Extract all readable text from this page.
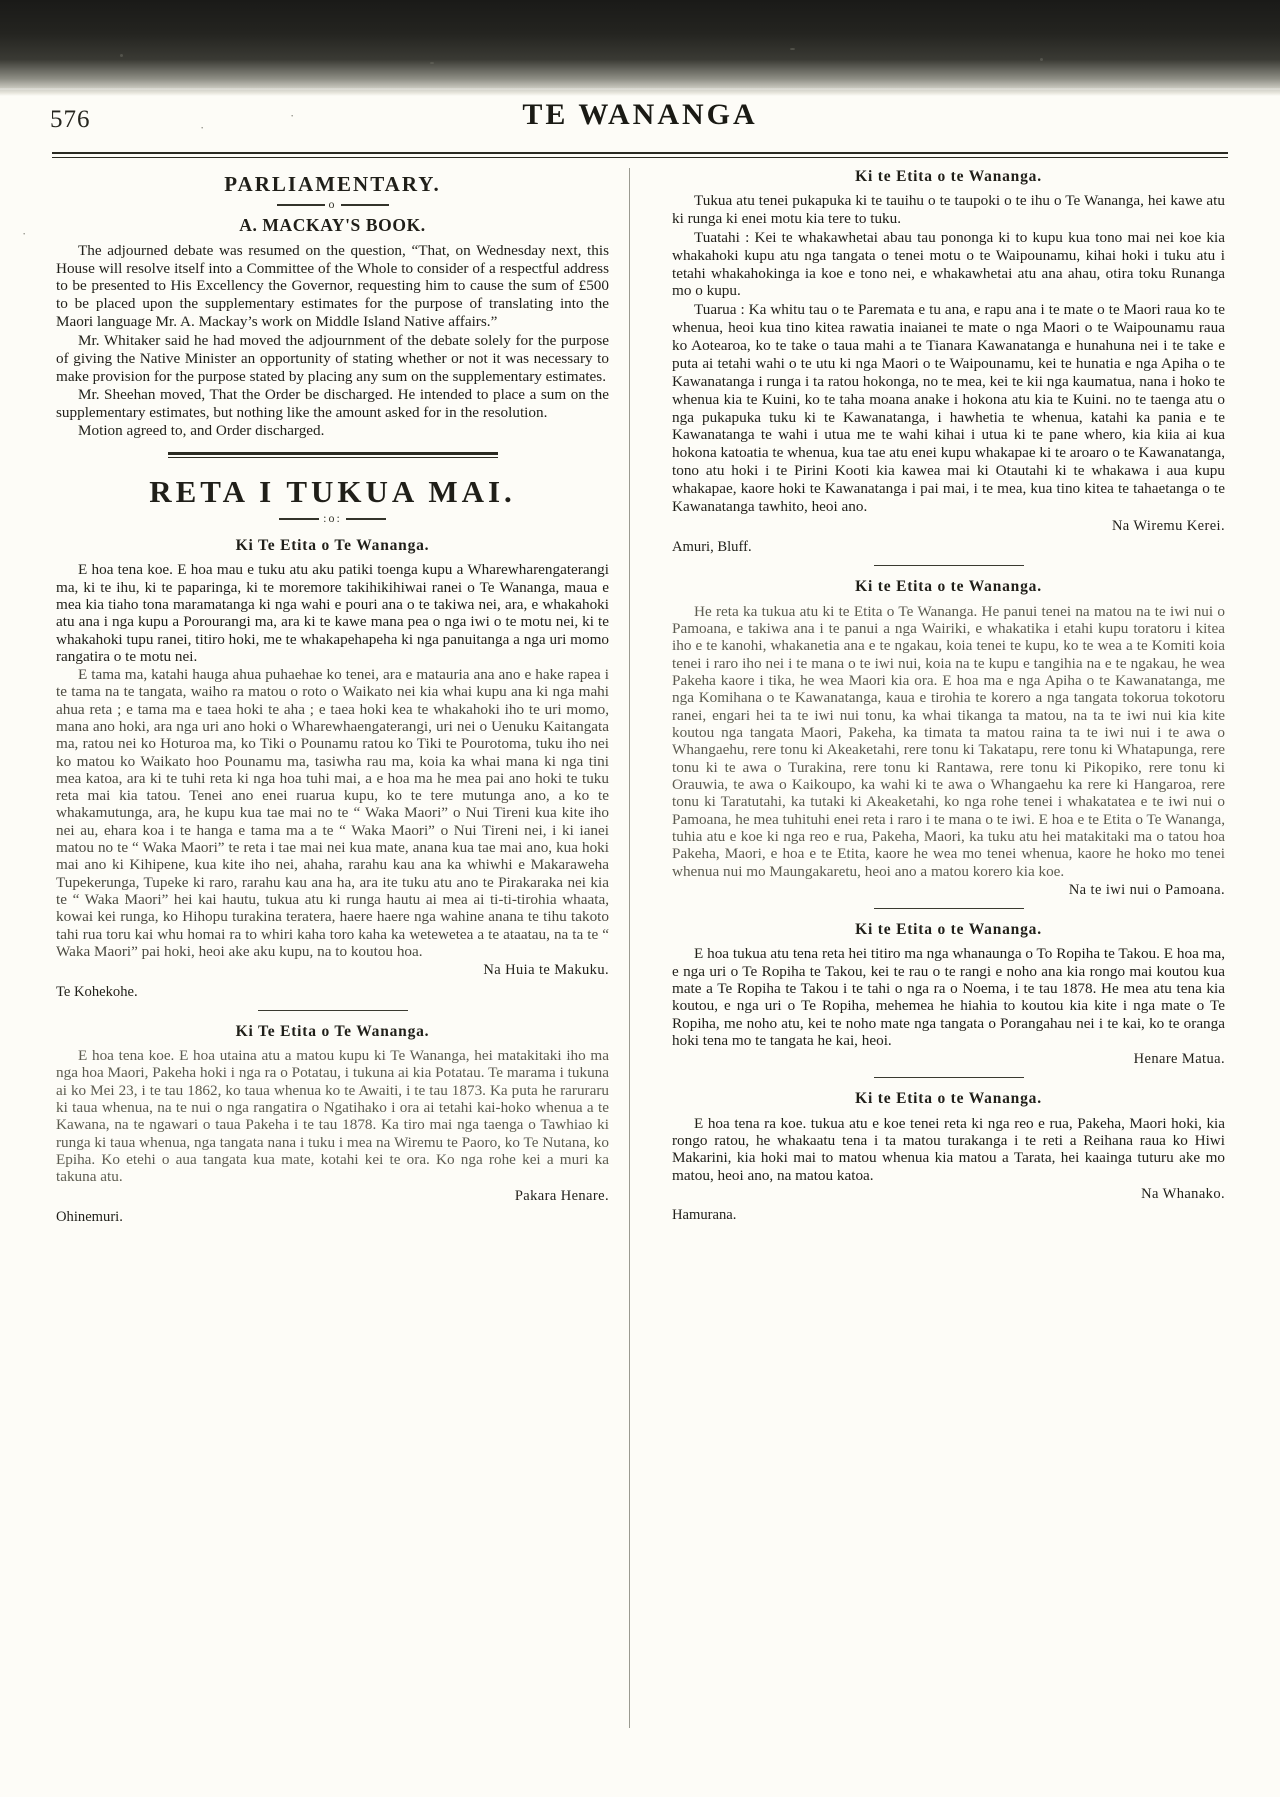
·
·
·
576	TE WANANGA
PARLIAMENTARY.
o
A. MACKAY'S BOOK.

The adjourned debate was resumed on the question, “That, on Wednesday next, this House will resolve itself into a Committee of the Whole to consider of a respectful address to be presented to His Excellency the Governor, requesting him to cause the sum of £500 to be placed upon the supplementary estimates for the purpose of translating into the Maori language Mr. A. Mackay’s work on Middle Island Native affairs.”

Mr. Whitaker said he had moved the adjournment of the debate solely for the purpose of giving the Native Minister an opportunity of stating whether or not it was necessary to make provision for the purpose stated by placing any sum on the supplementary estimates.

Mr. Sheehan moved, That the Order be discharged. He intended to place a sum on the supplementary estimates, but nothing like the amount asked for in the resolution.

Motion agreed to, and Order discharged.

RETA I TUKUA MAI.
:o:
Ki Te Etita o Te Wananga.

E hoa tena koe. E hoa mau e tuku atu aku patiki toenga kupu a Wharewharengaterangi ma, ki te ihu, ki te paparinga, ki te moremore takihikihiwai ranei o Te Wananga, maua e mea kia tiaho tona maramatanga ki nga wahi e pouri ana o te takiwa nei, ara, e whakahoki atu ana i nga kupu a Porourangi ma, ara ki te kawe mana pea o nga iwi o te motu nei, ki te whakahoki tupu ranei, titiro hoki, me te whakapehapeha ki nga panuitanga a nga uri momo rangatira o te motu nei.

E tama ma, katahi hauga ahua puhaehae ko tenei, ara e matauria ana ano e hake rapea i te tama na te tangata, waiho ra matou o roto o Waikato nei kia whai kupu ana ki nga mahi ahua reta ; e tama ma e taea hoki te aha ; e taea hoki kea te whakahoki iho te uri momo, mana ano hoki, ara nga uri ano hoki o Wharewhaengaterangi, uri nei o Uenuku Kaitangata ma, ratou nei ko Hoturoa ma, ko Tiki o Pounamu ratou ko Tiki te Pourotoma, tuku iho nei ko matou ko Waikato hoo Pounamu ma, tasiwha rau ma, koia ka whai mana ki nga tini mea katoa, ara ki te tuhi reta ki nga hoa tuhi mai, a e hoa ma he mea pai ano hoki te tuku reta mai kia tatou. Tenei ano enei ruarua kupu, ko te tere mutunga ano, a ko te whakamutunga, ara, he kupu kua tae mai no te “ Waka Maori” o Nui Tireni kua kite iho nei au, ehara koa i te hanga e tama ma a te “ Waka Maori” o Nui Tireni nei, i ki ianei matou no te “ Waka Maori” te reta i tae mai nei kua mate, anana kua tae mai ano, kua hoki mai ano ki Kihipene, kua kite iho nei, ahaha, rarahu kau ana ka whiwhi e Makaraweha Tupekerunga, Tupeke ki raro, rarahu kau ana ha, ara ite tuku atu ano te Pirakaraka nei kia te “ Waka Maori” hei kai hautu, tukua atu ki runga hautu ai mea ai ti-ti-tirohia whaata, kowai kei runga, ko Hihopu turakina teratera, haere haere nga wahine anana te tihu takoto tahi rua toru kai whu homai ra to whiri kaha toro kaha ka wetewetea a te ataatau, na ta te “ Waka Maori” pai hoki, heoi ake aku kupu, na to koutou hoa.

Na Huia te Makuku.

Te Kohekohe.

Ki Te Etita o Te Wananga.

E hoa tena koe. E hoa utaina atu a matou kupu ki Te Wananga, hei matakitaki iho ma nga hoa Maori, Pakeha hoki i nga ra o Potatau, i tukuna ai kia Potatau. Te marama i tukuna ai ko Mei 23, i te tau 1862, ko taua whenua ko te Awaiti, i te tau 1873. Ka puta he raruraru ki taua whenua, na te nui o nga rangatira o Ngatihako i ora ai tetahi kai-hoko whenua a te Kawana, na te ngawari o taua Pakeha i te tau 1878. Ka tiro mai nga taenga o Tawhiao ki runga ki taua whenua, nga tangata nana i tuku i mea na Wiremu te Paoro, ko Te Nutana, ko Epiha. Ko etehi o aua tangata kua mate, kotahi kei te ora. Ko nga rohe kei a muri ka takuna atu.

Pakara Henare.

Ohinemuri.

Ki te Etita o te Wananga.

Tukua atu tenei pukapuka ki te tauihu o te taupoki o te ihu o Te Wananga, hei kawe atu ki runga ki enei motu kia tere to tuku.

Tuatahi : Kei te whakawhetai abau tau pononga ki to kupu kua tono mai nei koe kia whakahoki kupu atu nga tangata o tenei motu o te Waipounamu, kihai hoki i tuku atu i tetahi whakahokinga ia koe e tono nei, e whakawhetai atu ana ahau, otira toku Runanga mo o kupu.

Tuarua : Ka whitu tau o te Paremata e tu ana, e rapu ana i te mate o te Maori raua ko te whenua, heoi kua tino kitea rawatia inaianei te mate o nga Maori o te Waipounamu raua ko Aotearoa, ko te take o taua mahi a te Tianara Kawanatanga e hunahuna nei i te take e puta ai tetahi wahi o te utu ki nga Maori o te Waipounamu, kei te hunatia e nga Apiha o te Kawanatanga i runga i ta ratou hokonga, no te mea, kei te kii nga kaumatua, nana i hoko te whenua kia te Kuini, ko te taha moana anake i hokona atu kia te Kuini. no te taenga atu o nga pukapuka tuku ki te Kawanatanga, i hawhetia te whenua, katahi ka pania e te Kawanatanga te wahi i utua me te wahi kihai i utua ki te pane whero, kia kiia ai kua hokona katoatia te whenua, kua tae atu enei kupu whakapae ki te aroaro o te Kawanatanga, tono atu hoki i te Pirini Kooti kia kawea mai ki Otautahi ki te whakawa i aua kupu whakapae, kaore hoki te Kawanatanga i pai mai, i te mea, kua tino kitea te tahaetanga o te Kawanatanga tawhito, heoi ano.

Na Wiremu Kerei.

Amuri, Bluff.

Ki te Etita o te Wananga.

He reta ka tukua atu ki te Etita o Te Wananga. He panui tenei na matou na te iwi nui o Pamoana, e takiwa ana i te panui a nga Wairiki, e whakatika i etahi kupu toratoru i kitea iho e te kanohi, whakanetia ana e te ngakau, koia tenei te kupu, ko te wea a te Komiti koia tenei i raro iho nei i te mana o te iwi nui, koia na te kupu e tangihia na e te ngakau, he wea Pakeha kaore i tika, he wea Maori kia ora. E hoa ma e nga Apiha o te Kawanatanga, me nga Komihana o te Kawanatanga, kaua e tirohia te korero a nga tangata tokorua tokotoru ranei, engari hei ta te iwi nui tonu, ka whai tikanga ta matou, na ta te iwi nui kia kite koutou nga tangata Maori, Pakeha, ka timata ta matou raina ta te iwi nui i te awa o Whangaehu, rere tonu ki Akeaketahi, rere tonu ki Takatapu, rere tonu ki Whatapunga, rere tonu ki te awa o Turakina, rere tonu ki Rantawa, rere tonu ki Pikopiko, rere tonu ki Orauwia, te awa o Kaikoupo, ka wahi ki te awa o Whangaehu ka rere ki Hangaroa, rere tonu ki Taratutahi, ka tutaki ki Akeaketahi, ko nga rohe tenei i whakatatea e te iwi nui o Pamoana, he mea tuhituhi enei reta i raro i te mana o te iwi. E hoa e te Etita o Te Wananga, tuhia atu e koe ki nga reo e rua, Pakeha, Maori, ka tuku atu hei matakitaki ma o tatou hoa Pakeha, Maori, e hoa e te Etita, kaore he wea mo tenei whenua, kaore he hoko mo tenei whenua nui mo Maungakaretu, heoi ano a matou korero kia koe.

Na te iwi nui o Pamoana.

Ki te Etita o te Wananga.

E hoa tukua atu tena reta hei titiro ma nga whanaunga o To Ropiha te Takou. E hoa ma, e nga uri o Te Ropiha te Takou, kei te rau o te rangi e noho ana kia rongo mai koutou kua mate a Te Ropiha te Takou i te tahi o nga ra o Noema, i te tau 1878. He mea atu tena kia koutou, e nga uri o Te Ropiha, mehemea he hiahia to koutou kia kite i nga mate o Te Ropiha, me noho atu, kei te noho mate nga tangata o Porangahau nei i te kai, ko te oranga hoki tena mo te tangata he kai, heoi.

Henare Matua.

Ki te Etita o te Wananga.

E hoa tena ra koe. tukua atu e koe tenei reta ki nga reo e rua, Pakeha, Maori hoki, kia rongo ratou, he whakaatu tena i ta matou turakanga i te reti a Reihana raua ko Hiwi Makarini, kia hoki mai to matou whenua kia matou a Tarata, hei kaainga tuturu ake mo matou, heoi ano, na matou katoa.

Na Whanako.

Hamurana.
